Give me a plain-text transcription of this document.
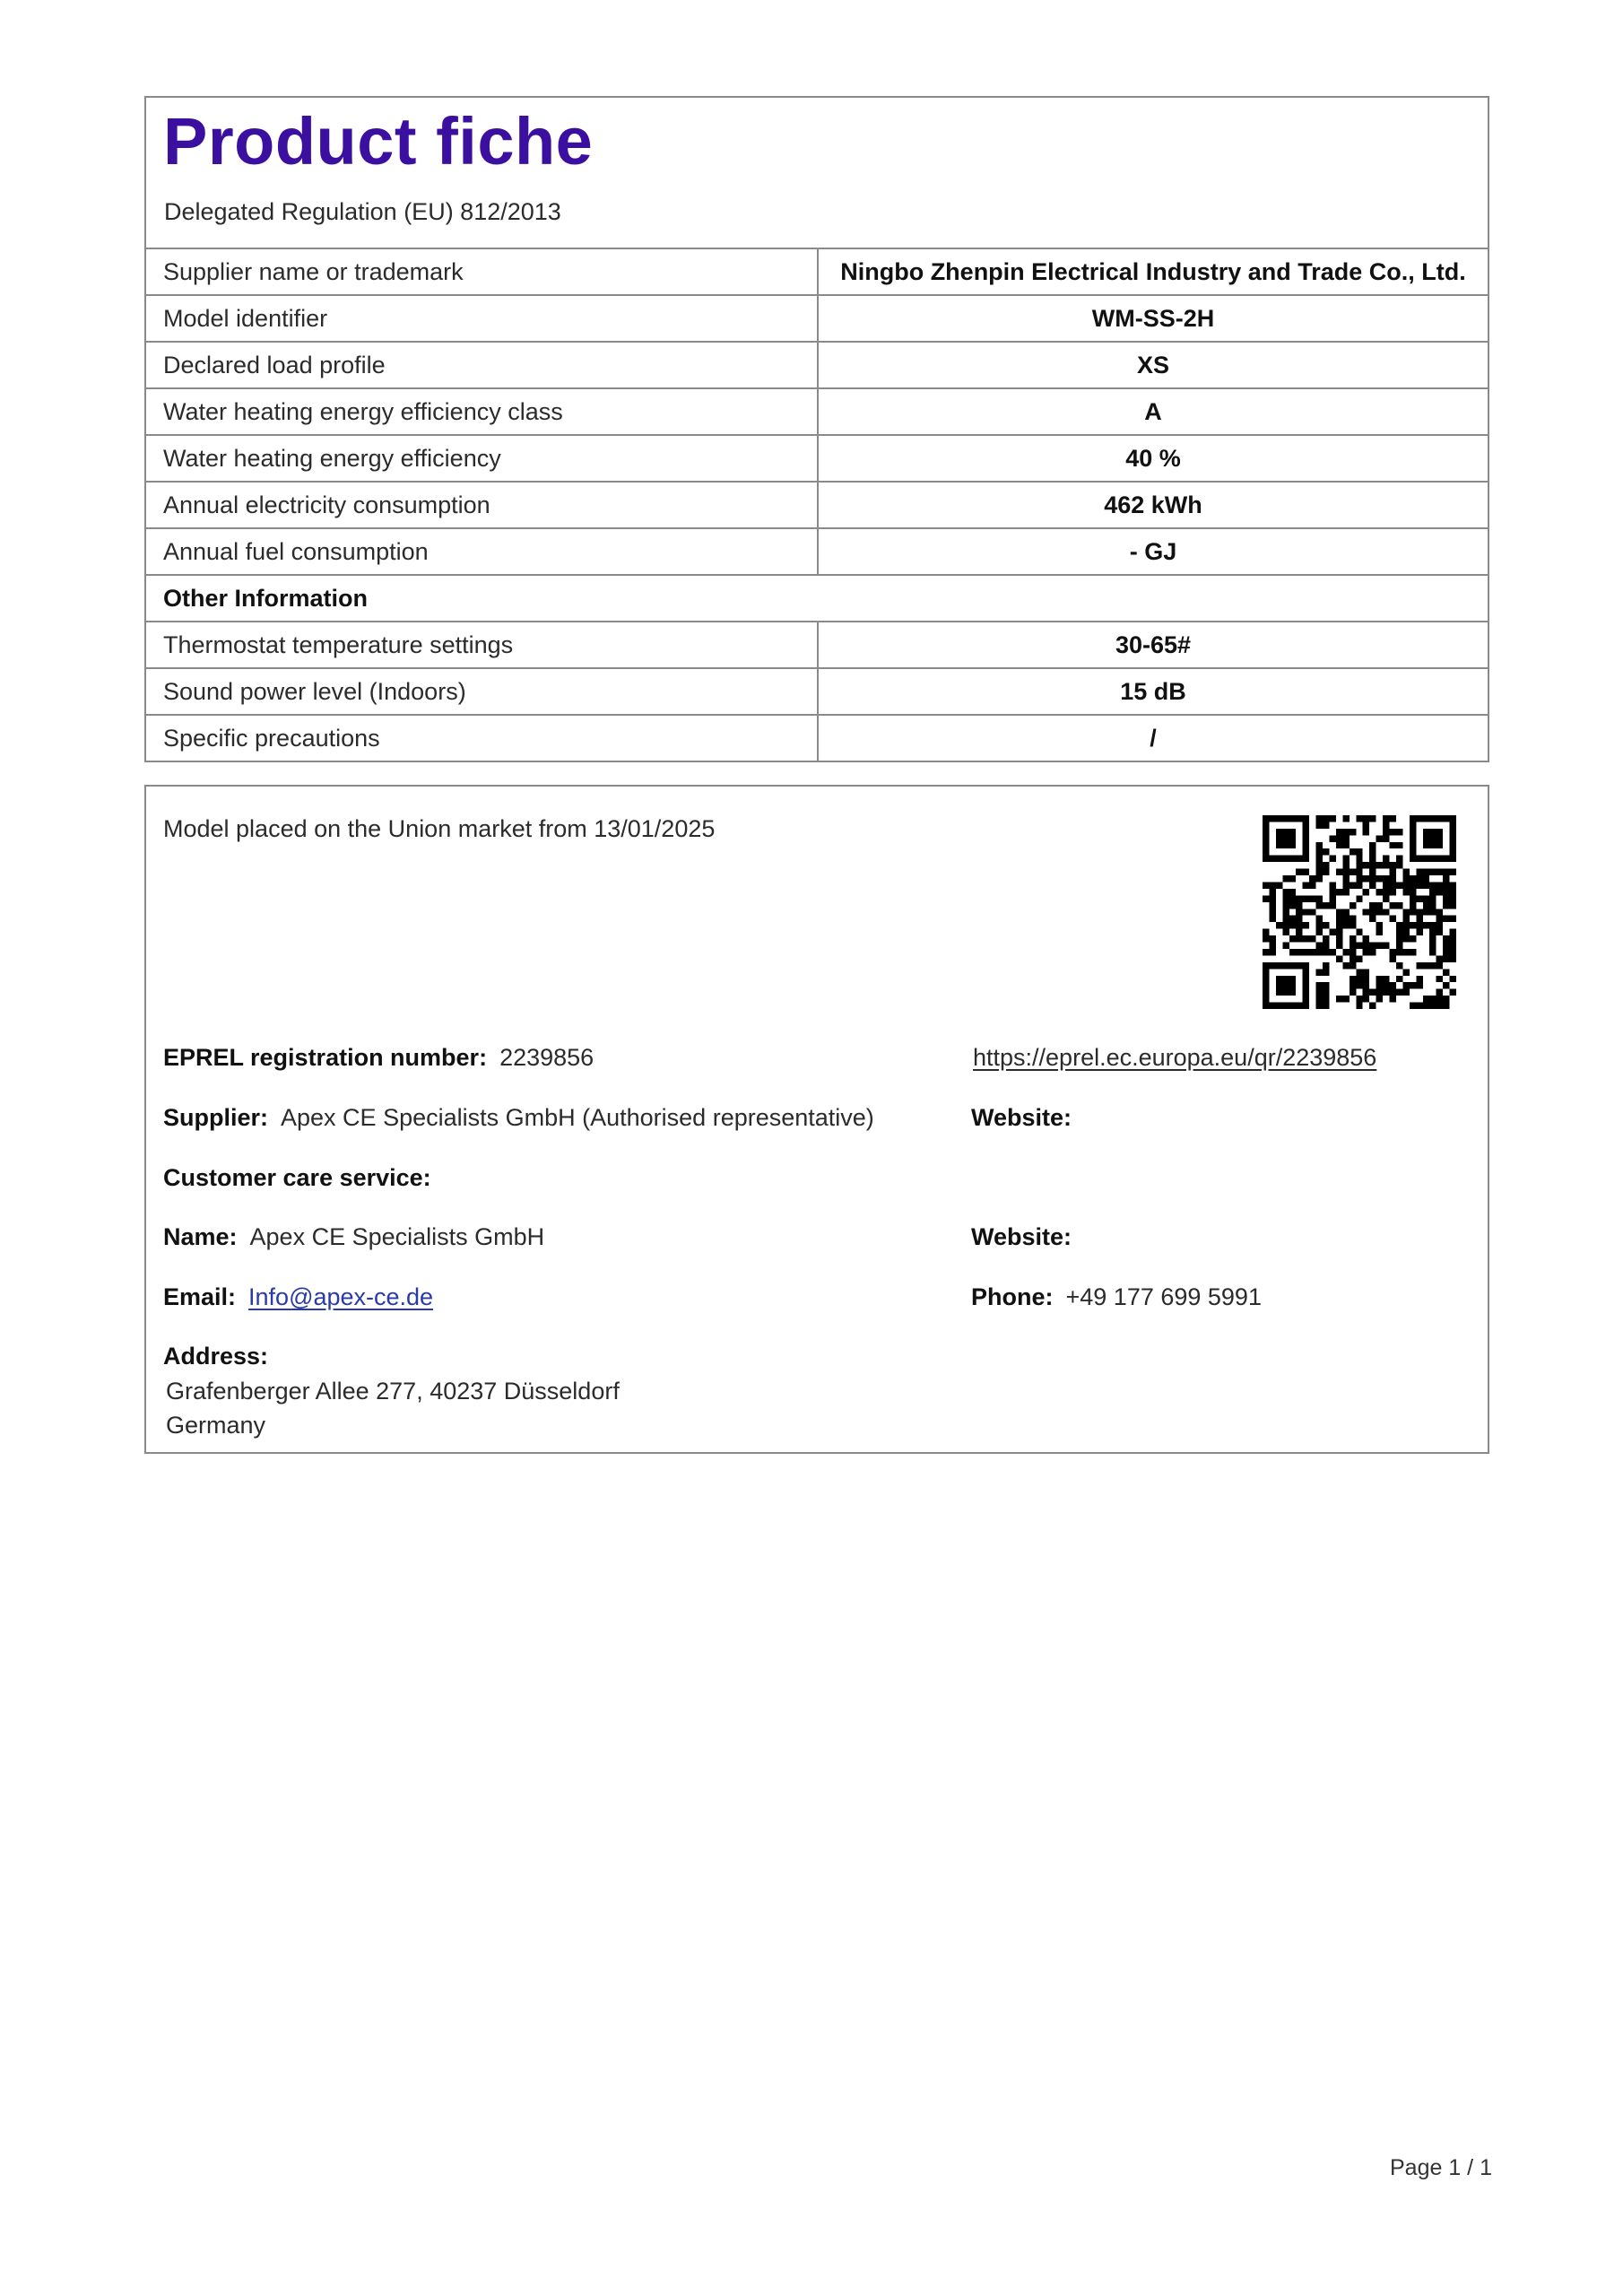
Product fiche
Delegated Regulation (EU) 812/2013
Supplier name or trademark	Ningbo Zhenpin Electrical Industry and Trade Co., Ltd.
Model identifier	WM-SS-2H
Declared load profile	XS
Water heating energy efficiency class	A
Water heating energy efficiency	40 %
Annual electricity consumption	462 kWh
Annual fuel consumption	- GJ
Other Information
Thermostat temperature settings	30-65#
Sound power level (Indoors)	15 dB
Specific precautions	/
Model placed on the Union market from 13/01/2025
EPREL registration number: 2239856	https://eprel.ec.europa.eu/qr/2239856
Supplier: Apex CE Specialists GmbH (Authorised representative)	Website:
Customer care service:
Name: Apex CE Specialists GmbH	Website:
Email: Info@apex-ce.de	Phone: +49 177 699 5991
Address:
Grafenberger Allee 277, 40237 Düsseldorf
Germany
Page 1 / 1
